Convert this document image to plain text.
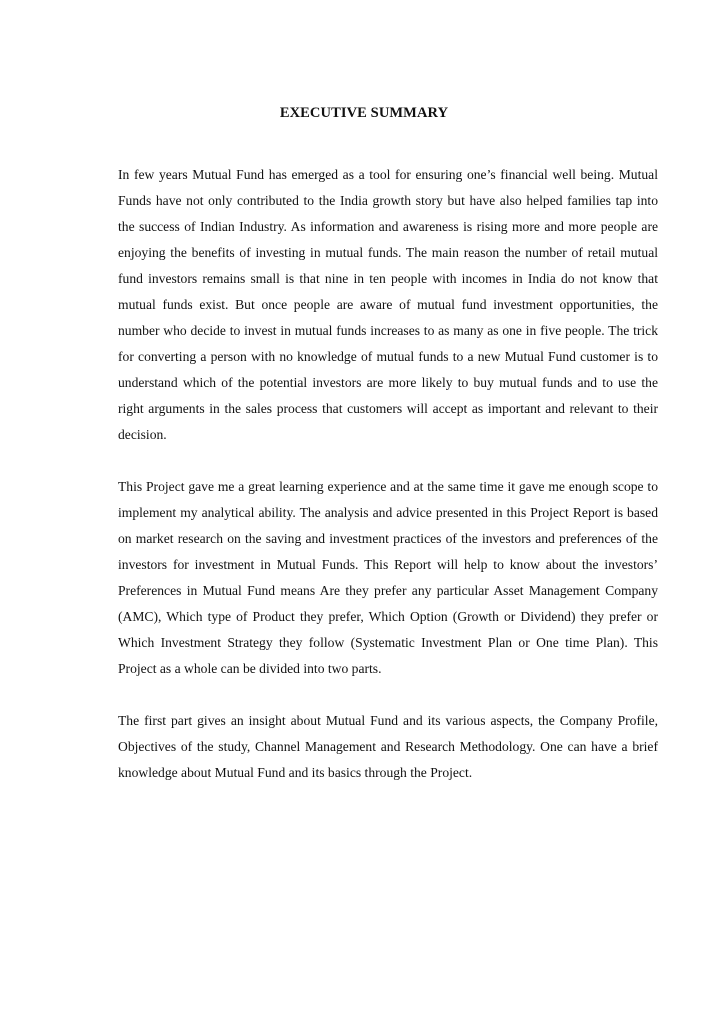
EXECUTIVE SUMMARY

In few years Mutual Fund has emerged as a tool for ensuring one’s financial well being. Mutual Funds have not only contributed to the India growth story but have also helped families tap into the success of Indian Industry. As information and awareness is rising more and more people are enjoying the benefits of investing in mutual funds. The main reason the number of retail mutual fund investors remains small is that nine in ten people with incomes in India do not know that mutual funds exist. But once people are aware of mutual fund investment opportunities, the number who decide to invest in mutual funds increases to as many as one in five people. The trick for converting a person with no knowledge of mutual funds to a new Mutual Fund customer is to understand which of the potential investors are more likely to buy mutual funds and to use the right arguments in the sales process that customers will accept as important and relevant to their decision.

This Project gave me a great learning experience and at the same time it gave me enough scope to implement my analytical ability. The analysis and advice presented in this Project Report is based on market research on the saving and investment practices of the investors and preferences of the investors for investment in Mutual Funds. This Report will help to know about the investors’ Preferences in Mutual Fund means Are they prefer any particular Asset Management Company (AMC), Which type of Product they prefer, Which Option (Growth or Dividend) they prefer or Which Investment Strategy they follow (Systematic Investment Plan or One time Plan). This Project as a whole can be divided into two parts.

The first part gives an insight about Mutual Fund and its various aspects, the Company Profile, Objectives of the study, Channel Management and Research Methodology. One can have a brief knowledge about Mutual Fund and its basics through the Project.
